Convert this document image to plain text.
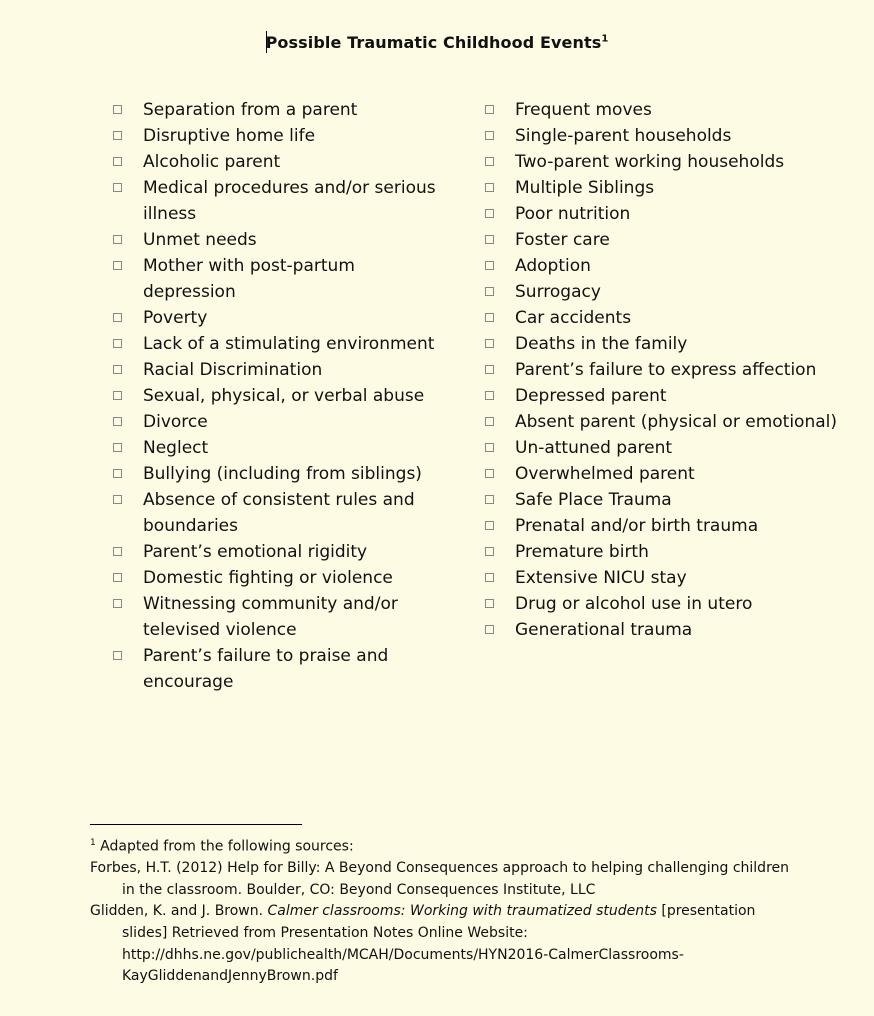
Possible Traumatic Childhood Events$^1$
Separation from a parent
Disruptive home life
Alcoholic parent
Medical procedures and/or serious illness
Unmet needs
Mother with post-partum depression
Poverty
Lack of a stimulating environment
Racial Discrimination
Sexual, physical, or verbal abuse
Divorce
Neglect
Bullying (including from siblings)
Absence of consistent rules and boundaries
Parent’s emotional rigidity
Domestic fighting or violence
Witnessing community and/or televised violence
Parent’s failure to praise and encourage
Frequent moves
Single-parent households
Two-parent working households
Multiple Siblings
Poor nutrition
Foster care
Adoption
Surrogacy
Car accidents
Deaths in the family
Parent’s failure to express affection
Depressed parent
Absent parent (physical or emotional)
Un-attuned parent
Overwhelmed parent
Safe Place Trauma
Prenatal and/or birth trauma
Premature birth
Extensive NICU stay
Drug or alcohol use in utero
Generational trauma

$^1$ Adapted from the following sources:

Forbes, H.T. (2012) Help for Billy: A Beyond Consequences approach to helping challenging children in the classroom. Boulder, CO: Beyond Consequences Institute, LLC

Glidden, K. and J. Brown. Calmer classrooms: Working with traumatized students [presentation slides] Retrieved from Presentation Notes Online Website: http://dhhs.ne.gov/publichealth/MCAH/Documents/HYN2016-CalmerClassrooms-KayGliddenandJennyBrown.pdf
